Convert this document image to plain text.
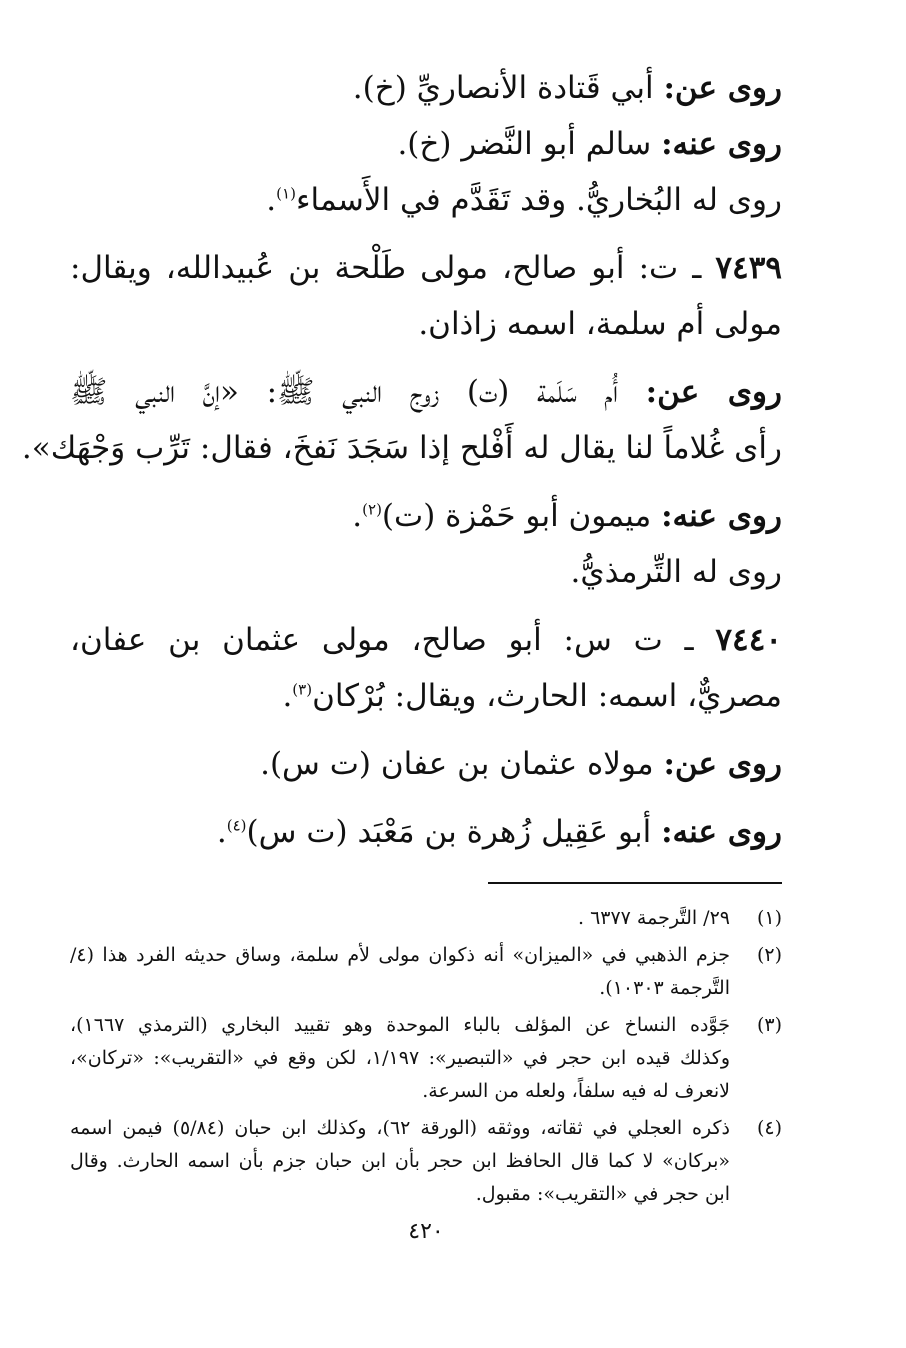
روى عن: أبي قَتادة الأنصاريِّ (خ).
روى عنه: سالم أبو النَّضر (خ).
روى له البُخاريُّ. وقد تَقَدَّم في الأَسماء$^{(١)}$.
٧٤٣٩ ـ ت: أبو صالح، مولى طَلْحة بن عُبيدالله، ويقال:
مولى أم سلمة، اسمه زاذان.
روى عن: أُم سَلَمة (ت) زوج النبي ﷺ: «إنَّ النبي ﷺ
رأى غُلاماً لنا يقال له أَفْلح إذا سَجَدَ نَفخَ، فقال: تَرِّب وَجْهَك».
روى عنه: ميمون أبو حَمْزة (ت)$^{(٢)}$.
روى له التِّرمذيُّ.
٧٤٤٠ ـ ت س: أبو صالح، مولى عثمان بن عفان،
مصريٌّ، اسمه: الحارث، ويقال: بُرْكان$^{(٣)}$.
روى عن: مولاه عثمان بن عفان (ت س).
روى عنه: أبو عَقِيل زُهرة بن مَعْبَد (ت س)$^{(٤)}$.
(١)
٢٩/ التَّرجمة ٦٣٧٧ .
(٢)
جزم الذهبي في «الميزان» أنه ذكوان مولى لأم سلمة، وساق حديثه الفرد هذا (٤/
التَّرجمة ١٠٣٠٣).
(٣)
جَوَّده النساخ عن المؤلف بالباء الموحدة وهو تقييد البخاري (الترمذي ١٦٦٧)،
وكذلك قيده ابن حجر في «التبصير»: ١/١٩٧، لكن وقع في «التقريب»: «تركان»،
لانعرف له فيه سلفاً، ولعله من السرعة.
(٤)
ذكره العجلي في ثقاته، ووثقه (الورقة ٦٢)، وكذلك ابن حبان (٥/٨٤) فيمن اسمه
«بركان» لا كما قال الحافظ ابن حجر بأن ابن حبان جزم بأن اسمه الحارث. وقال
ابن حجر في «التقريب»: مقبول.
٤٢٠
